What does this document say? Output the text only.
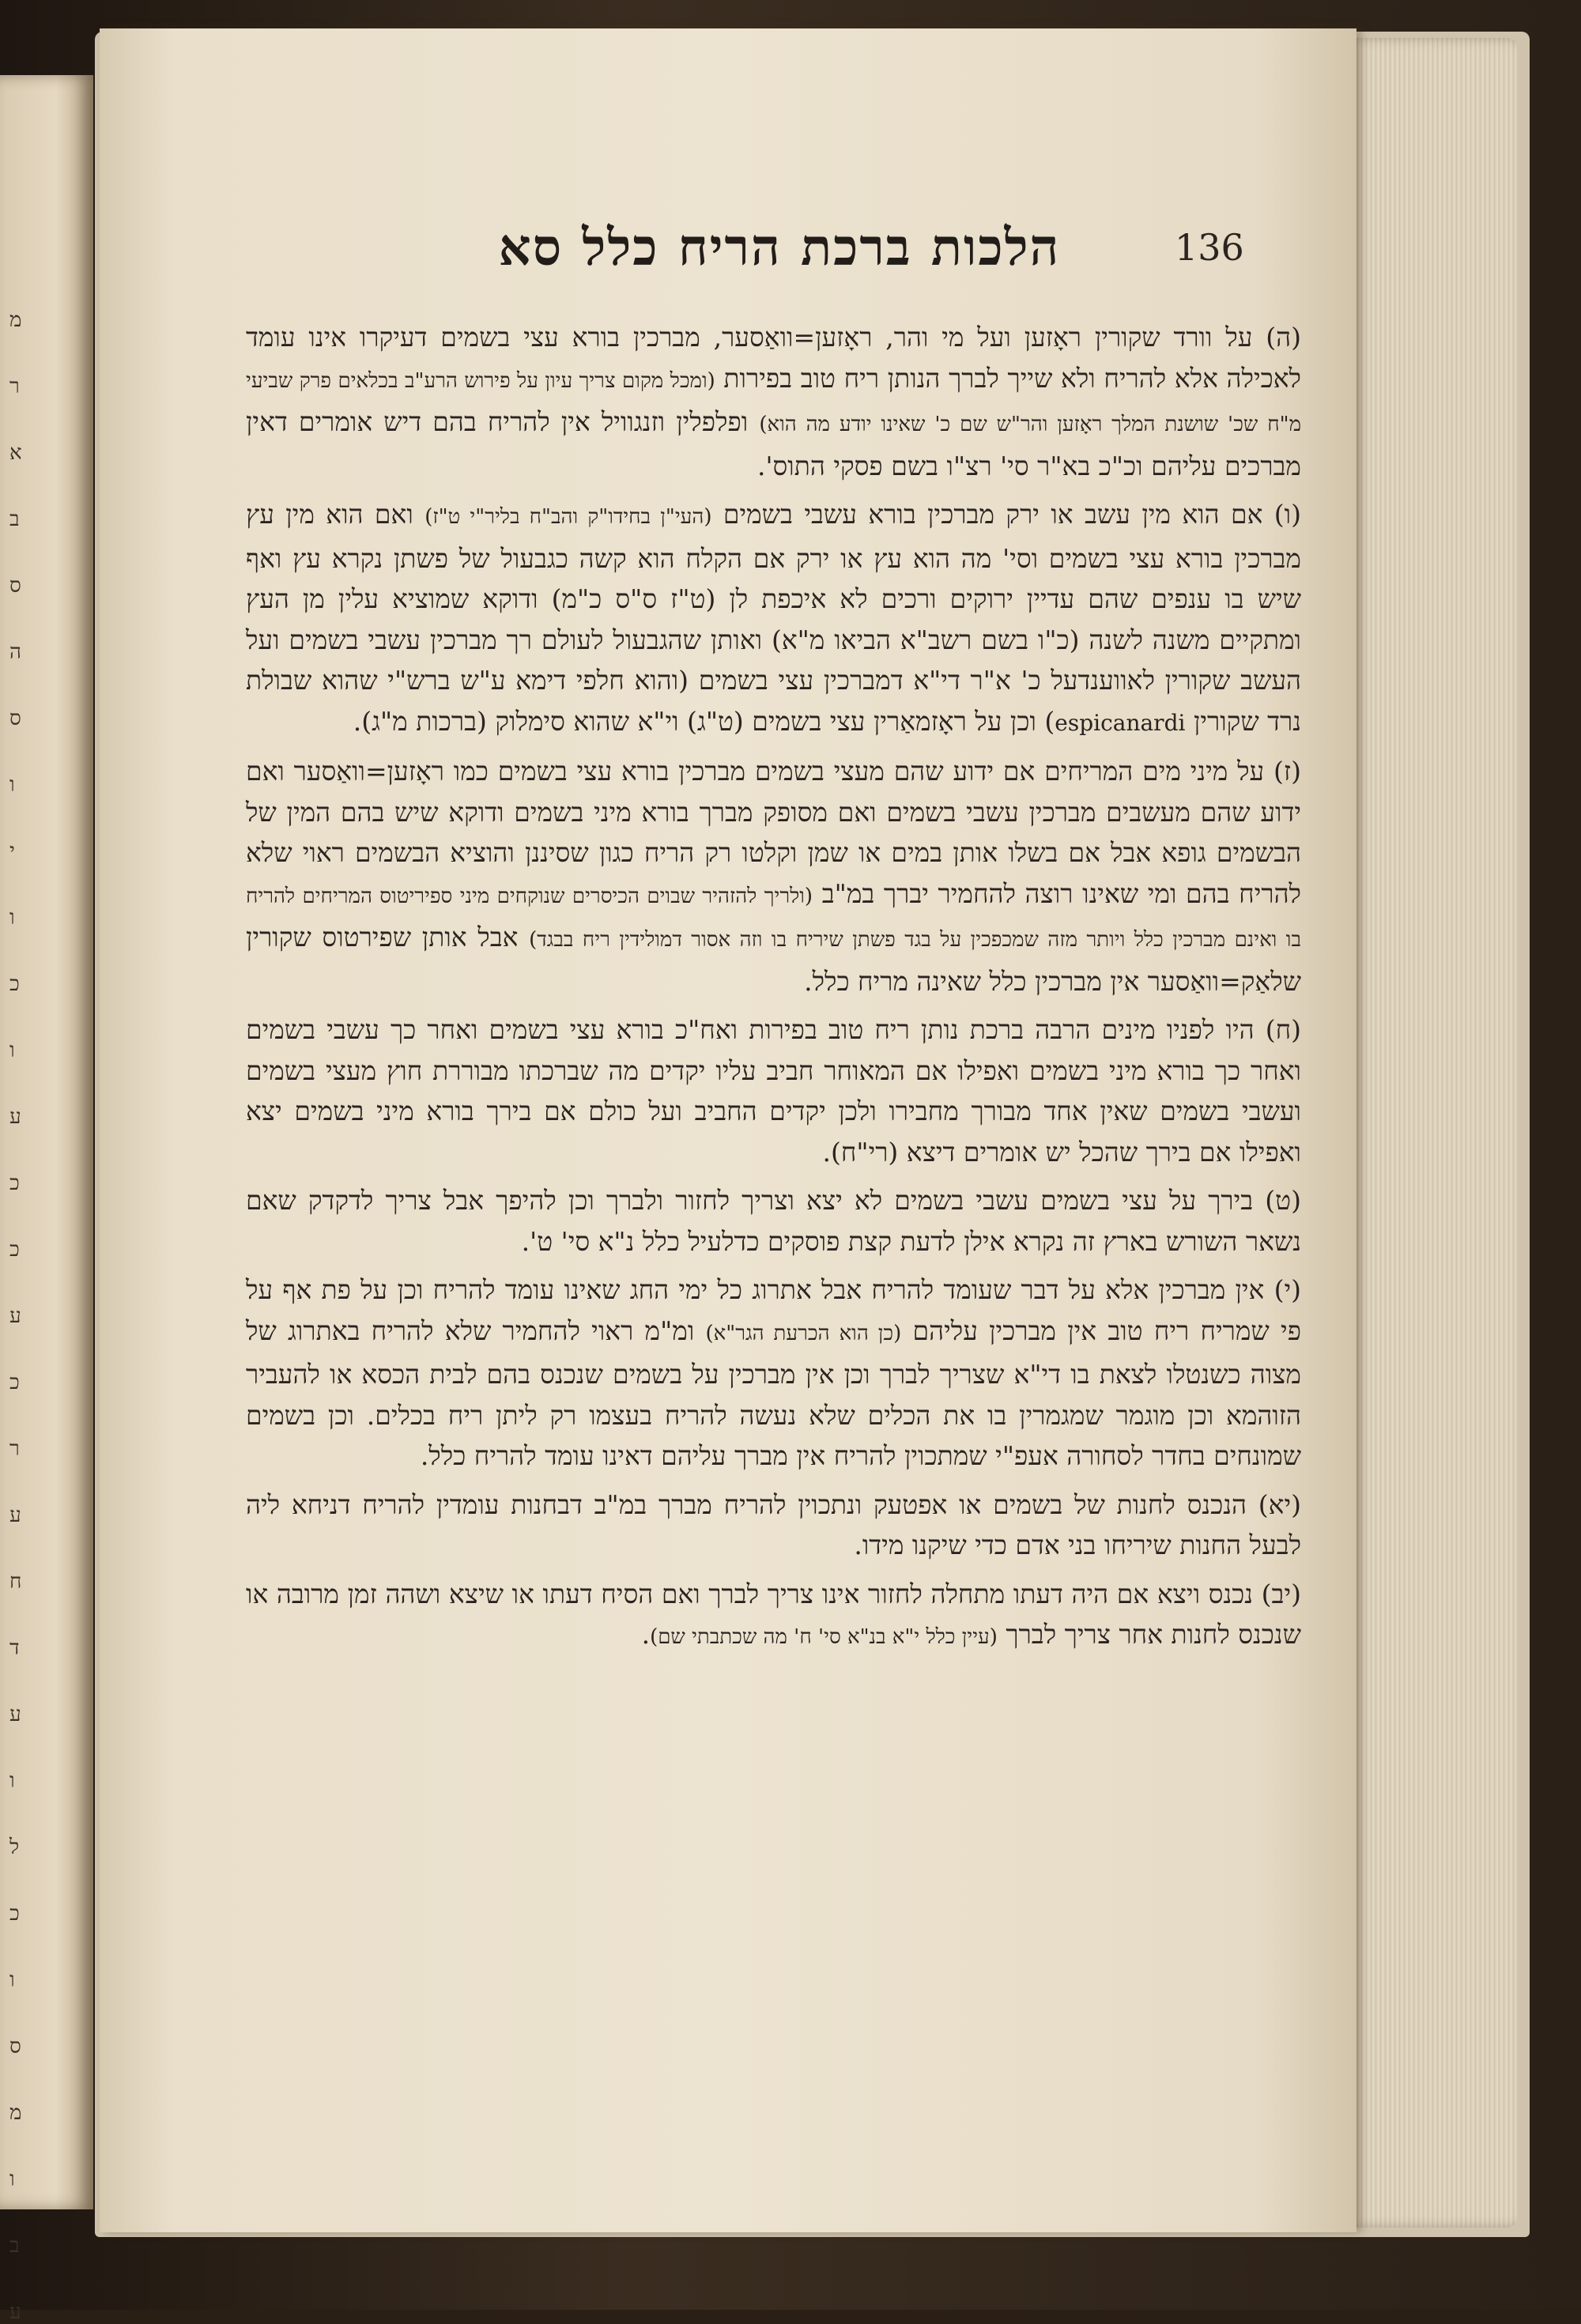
מ
ר
א
ב
ס
ה
ס
ו
י
ו
כ
ו
ע
כ
כ
ע
כ
ר
ע
ח
ד
ע
ו
ל
כ
ו
ס
מ
ו
ב
ע
136
הלכות ברכת הריח כלל סא

(ה) על וורד שקורין ראָזען ועל מי והר, ראָזען=וואַסער, מברכין בורא עצי בשמים דעיקרו אינו עומד לאכילה אלא להריח ולא שייך לברך הנותן ריח טוב בפירות (ומכל מקום צריך עיון על פירוש הרע"ב בכלאים פרק שביעי מ"ח שכ' שושנת המלך ראָזען והר"ש שם כ' שאינו יודע מה הוא) ופלפלין וזנגוויל אין להריח בהם דיש אומרים דאין מברכים עליהם וכ"כ בא"ר סי' רצ"ו בשם פסקי התוס'.

(ו) אם הוא מין עשב או ירק מברכין בורא עשבי בשמים (העי"ן בחידו"ק והב"ח בליר"י ט"ז) ואם הוא מין עץ מברכין בורא עצי בשמים וסי' מה הוא עץ או ירק אם הקלח הוא קשה כגבעול של פשתן נקרא עץ ואף שיש בו ענפים שהם עדיין ירוקים ורכים לא איכפת לן (ט"ז ס"ס כ"מ) ודוקא שמוציא עלין מן העץ ומתקיים משנה לשנה (כ"ו בשם רשב"א הביאו מ"א) ואותן שהגבעול לעולם רך מברכין עשבי בשמים ועל העשב שקורין לאווענדעל כ' א"ר די"א דמברכין עצי בשמים (והוא חלפי דימא ע"ש ברש"י שהוא שבולת נרד שקורין espicanardi) וכן על ראָזמאַרין עצי בשמים (ט"ג) וי"א שהוא סימלוק (ברכות מ"ג).

(ז) על מיני מים המריחים אם ידוע שהם מעצי בשמים מברכין בורא עצי בשמים כמו ראָזען=וואַסער ואם ידוע שהם מעשבים מברכין עשבי בשמים ואם מסופק מברך בורא מיני בשמים ודוקא שיש בהם המין של הבשמים גופא אבל אם בשלו אותן במים או שמן וקלטו רק הריח כגון שסיננן והוציא הבשמים ראוי שלא להריח בהם ומי שאינו רוצה להחמיר יברך במ"ב (ולריך להזהיר שבוים הכיסרים שנוקחים מיני ספיריטוס המריחים להריח בו ואינם מברכין כלל ויותר מזה שמכפכין על בגד פשתן שיריח בו וזה אסור דמולידין ריח בבגד) אבל אותן שפירטוס שקורין שלאַק=וואַסער אין מברכין כלל שאינה מריח כלל.

(ח) היו לפניו מינים הרבה ברכת נותן ריח טוב בפירות ואח"כ בורא עצי בשמים ואחר כך עשבי בשמים ואחר כך בורא מיני בשמים ואפילו אם המאוחר חביב עליו יקדים מה שברכתו מבוררת חוץ מעצי בשמים ועשבי בשמים שאין אחד מבורך מחבירו ולכן יקדים החביב ועל כולם אם בירך בורא מיני בשמים יצא ואפילו אם בירך שהכל יש אומרים דיצא (רי"ח).

(ט) בירך על עצי בשמים עשבי בשמים לא יצא וצריך לחזור ולברך וכן להיפך אבל צריך לדקדק שאם נשאר השורש בארץ זה נקרא אילן לדעת קצת פוסקים כדלעיל כלל נ"א סי' ט'.

(י) אין מברכין אלא על דבר שעומד להריח אבל אתרוג כל ימי החג שאינו עומד להריח וכן על פת אף על פי שמריח ריח טוב אין מברכין עליהם (כן הוא הכרעת הגר"א) ומ"מ ראוי להחמיר שלא להריח באתרוג של מצוה כשנטלו לצאת בו די"א שצריך לברך וכן אין מברכין על בשמים שנכנס בהם לבית הכסא או להעביר הזוהמא וכן מוגמר שמגמרין בו את הכלים שלא נעשה להריח בעצמו רק ליתן ריח בכלים. וכן בשמים שמונחים בחדר לסחורה אעפ"י שמתכוין להריח אין מברך עליהם דאינו עומד להריח כלל.

(יא) הנכנס לחנות של בשמים או אפטעק ונתכוין להריח מברך במ"ב דבחנות עומדין להריח דניחא ליה לבעל החנות שיריחו בני אדם כדי שיקנו מידו.

(יב) נכנס ויצא אם היה דעתו מתחלה לחזור אינו צריך לברך ואם הסיח דעתו או שיצא ושהה זמן מרובה או שנכנס לחנות אחר צריך לברך (עיין כלל י"א בנ"א סי' ח' מה שכתבתי שם).
